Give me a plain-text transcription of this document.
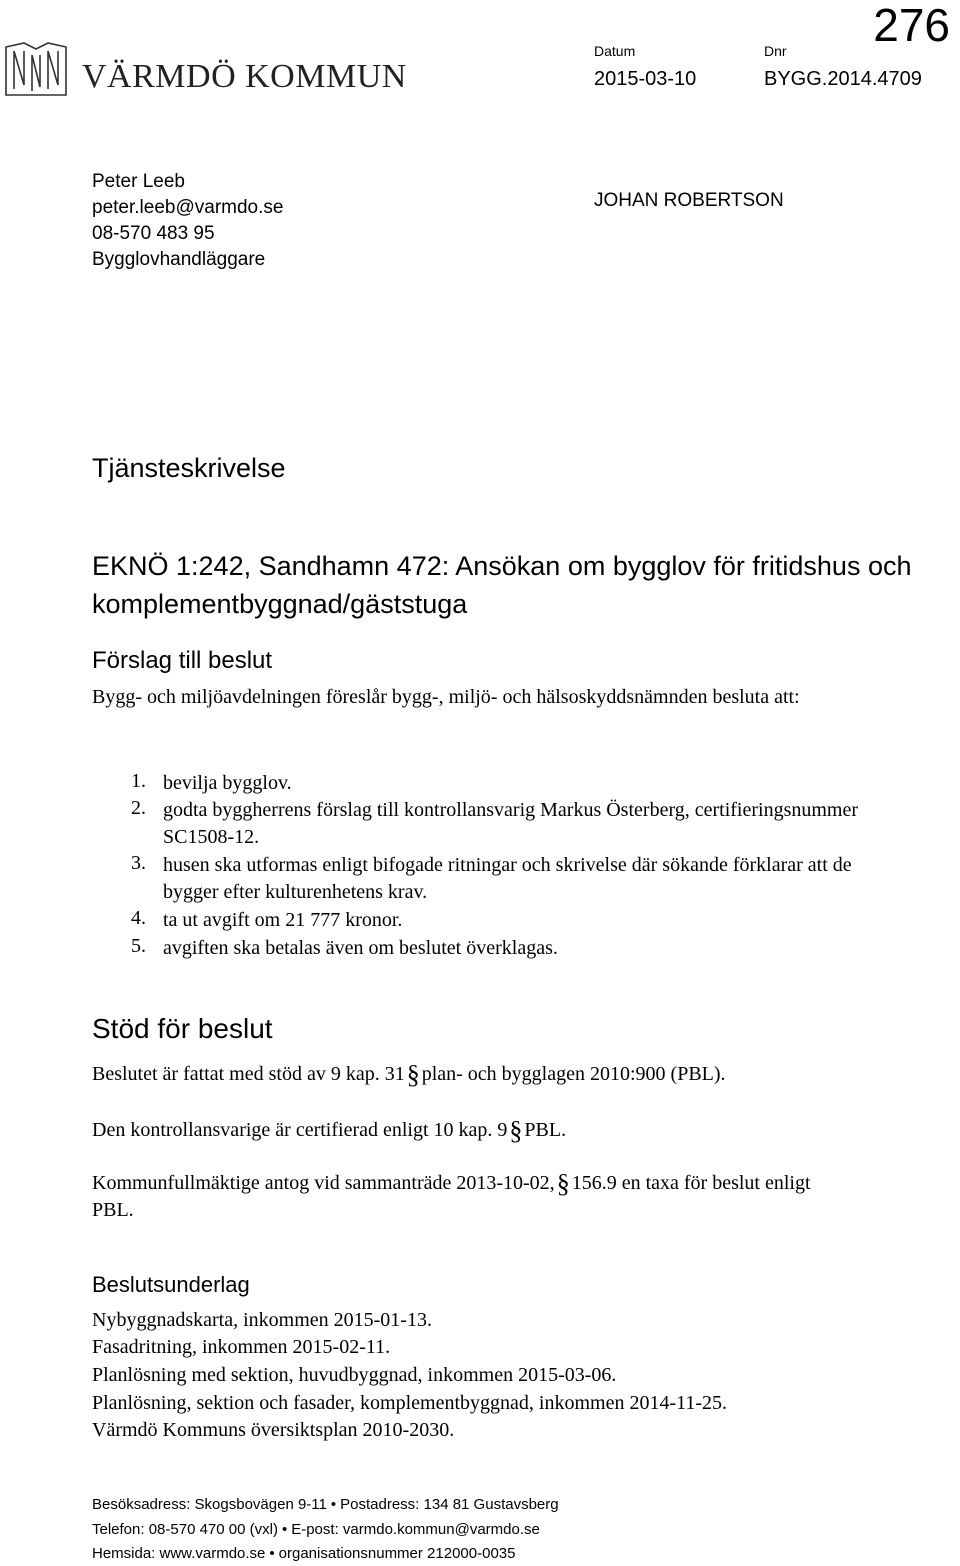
VÄRMDÖ KOMMUN
Datum	Dnr
2015-03-10	BYGG.2014.4709
276
Peter Leeb
peter.leeb@varmdo.se
08-570 483 95
Bygglovhandläggare
JOHAN ROBERTSON
Tjänsteskrivelse
EKNÖ 1:242, Sandhamn 472: Ansökan om bygglov för fritidshus och komplementbyggnad/gäststuga
Förslag till beslut
Bygg- och miljöavdelningen föreslår bygg-, miljö- och hälsoskyddsnämnden besluta att:
1. bevilja bygglov.
2. godta byggherrens förslag till kontrollansvarig Markus Österberg, certifieringsnummer SC1508-12.
3. husen ska utformas enligt bifogade ritningar och skrivelse där sökande förklarar att de bygger efter kulturenhetens krav.
4. ta ut avgift om 21 777 kronor.
5. avgiften ska betalas även om beslutet överklagas.
Stöd för beslut
Beslutet är fattat med stöd av 9 kap. 31§ plan- och bygglagen 2010:900 (PBL).
Den kontrollansvarige är certifierad enligt 10 kap. 9§ PBL.
Kommunfullmäktige antog vid sammanträde 2013-10-02,§ 156.9 en taxa för beslut enligt PBL.
Beslutsunderlag
Nybyggnadskarta, inkommen 2015-01-13.
Fasadritning, inkommen 2015-02-11.
Planlösning med sektion, huvudbyggnad, inkommen 2015-03-06.
Planlösning, sektion och fasader, komplementbyggnad, inkommen 2014-11-25.
Värmdö Kommuns översiktsplan 2010-2030.
Besöksadress: Skogsbovägen 9-11 • Postadress: 134 81 Gustavsberg
Telefon: 08-570 470 00 (vxl) • E-post: varmdo.kommun@varmdo.se
Hemsida: www.varmdo.se • organisationsnummer 212000-0035
